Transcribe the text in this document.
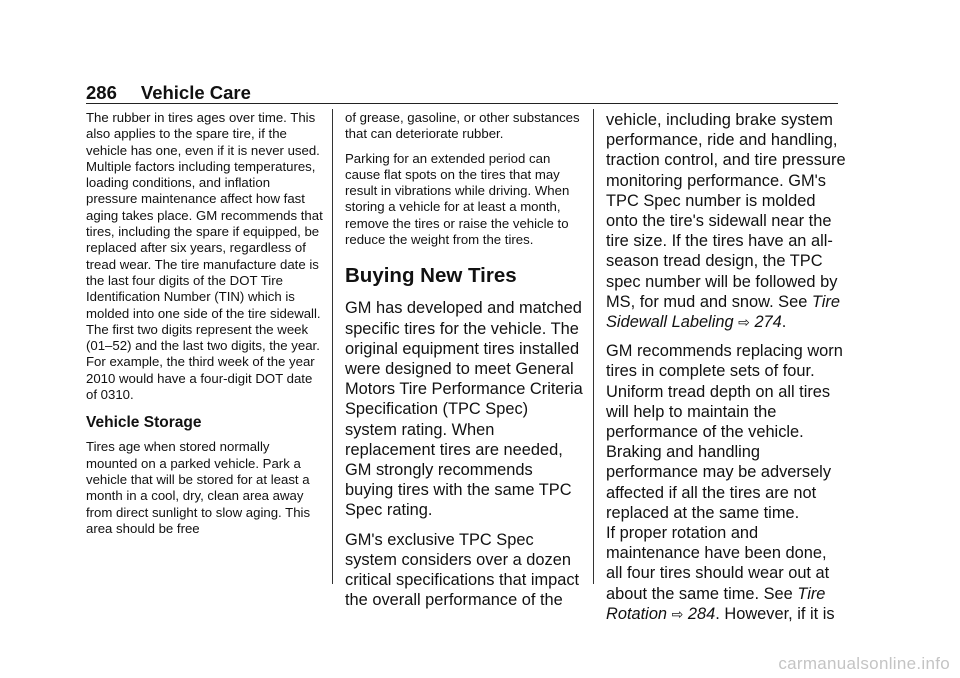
286 Vehicle Care

The rubber in tires ages over time. This also applies to the spare tire, if the vehicle has one, even if it is never used. Multiple factors including temperatures, loading conditions, and inflation pressure maintenance affect how fast aging takes place. GM recommends that tires, including the spare if equipped, be replaced after six years, regardless of tread wear. The tire manufacture date is the last four digits of the DOT Tire Identification Number (TIN) which is molded into one side of the tire sidewall. The first two digits represent the week (01–52) and the last two digits, the year. For example, the third week of the year 2010 would have a four-digit DOT date of 0310.

Vehicle Storage

Tires age when stored normally mounted on a parked vehicle. Park a vehicle that will be stored for at least a month in a cool, dry, clean area away from direct sunlight to slow aging. This area should be free

of grease, gasoline, or other substances that can deteriorate rubber.

Parking for an extended period can cause flat spots on the tires that may result in vibrations while driving. When storing a vehicle for at least a month, remove the tires or raise the vehicle to reduce the weight from the tires.

Buying New Tires

GM has developed and matched specific tires for the vehicle. The original equipment tires installed were designed to meet General Motors Tire Performance Criteria Specification (TPC Spec) system rating. When replacement tires are needed, GM strongly recommends buying tires with the same TPC Spec rating.

GM's exclusive TPC Spec system considers over a dozen critical specifications that impact the overall performance of the

vehicle, including brake system performance, ride and handling, traction control, and tire pressure monitoring performance. GM's TPC Spec number is molded onto the tire's sidewall near the tire size. If the tires have an all-season tread design, the TPC spec number will be followed by MS, for mud and snow. See Tire Sidewall Labeling ⇨ 274.

GM recommends replacing worn tires in complete sets of four. Uniform tread depth on all tires will help to maintain the performance of the vehicle. Braking and handling performance may be adversely affected if all the tires are not replaced at the same time.

If proper rotation and maintenance have been done, all four tires should wear out at about the same time. See Tire Rotation ⇨ 284. However, if it is

carmanualsonline.info
